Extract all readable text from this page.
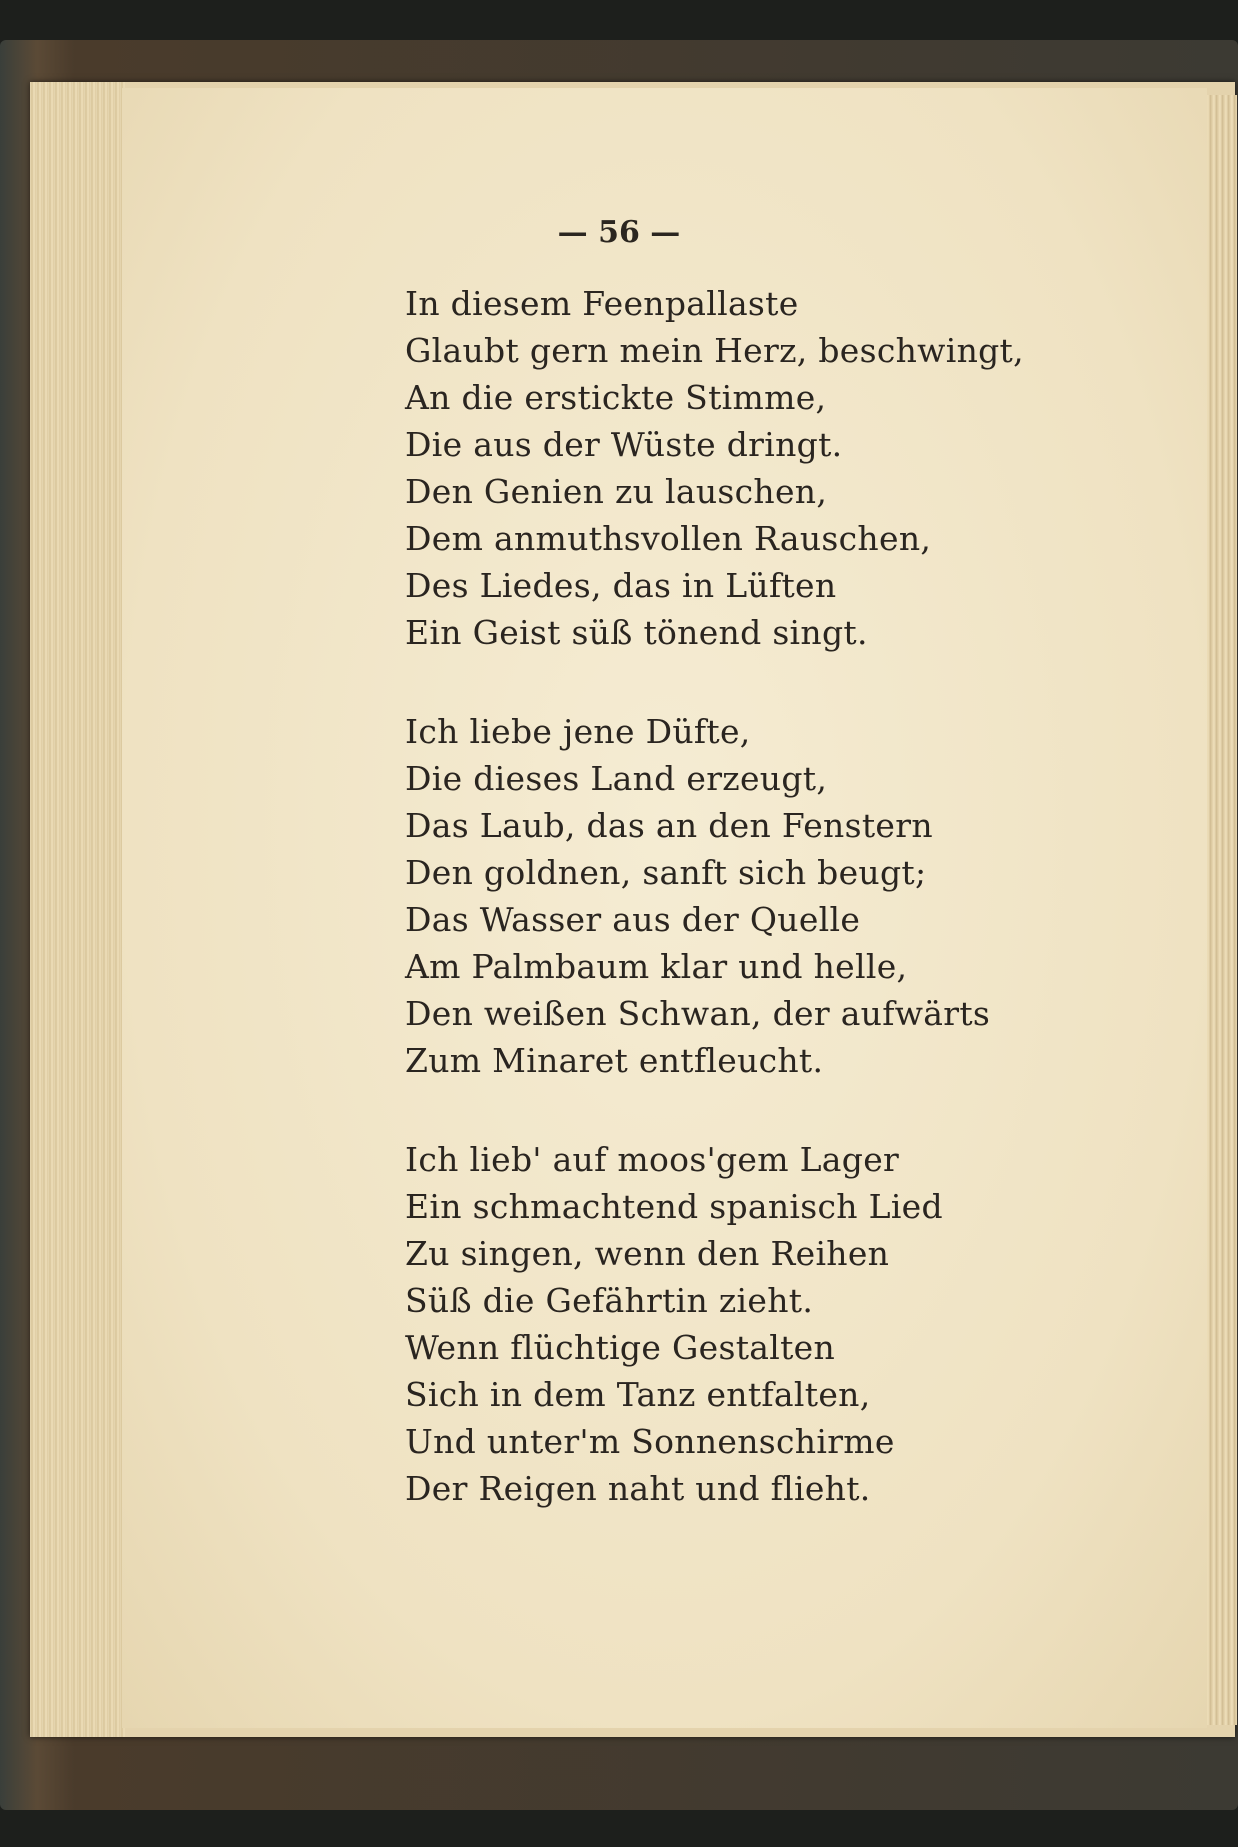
— 56 —
In diesem Feenpallaste
Glaubt gern mein Herz, beschwingt,
An die erstickte Stimme,
Die aus der Wüste dringt.
Den Genien zu lauschen,
Dem anmuthsvollen Rauschen,
Des Liedes, das in Lüften
Ein Geist süß tönend singt.
Ich liebe jene Düfte,
Die dieses Land erzeugt,
Das Laub, das an den Fenstern
Den goldnen, sanft sich beugt;
Das Wasser aus der Quelle
Am Palmbaum klar und helle,
Den weißen Schwan, der aufwärts
Zum Minaret entfleucht.
Ich lieb' auf moos'gem Lager
Ein schmachtend spanisch Lied
Zu singen, wenn den Reihen
Süß die Gefährtin zieht.
Wenn flüchtige Gestalten
Sich in dem Tanz entfalten,
Und unter'm Sonnenschirme
Der Reigen naht und flieht.
